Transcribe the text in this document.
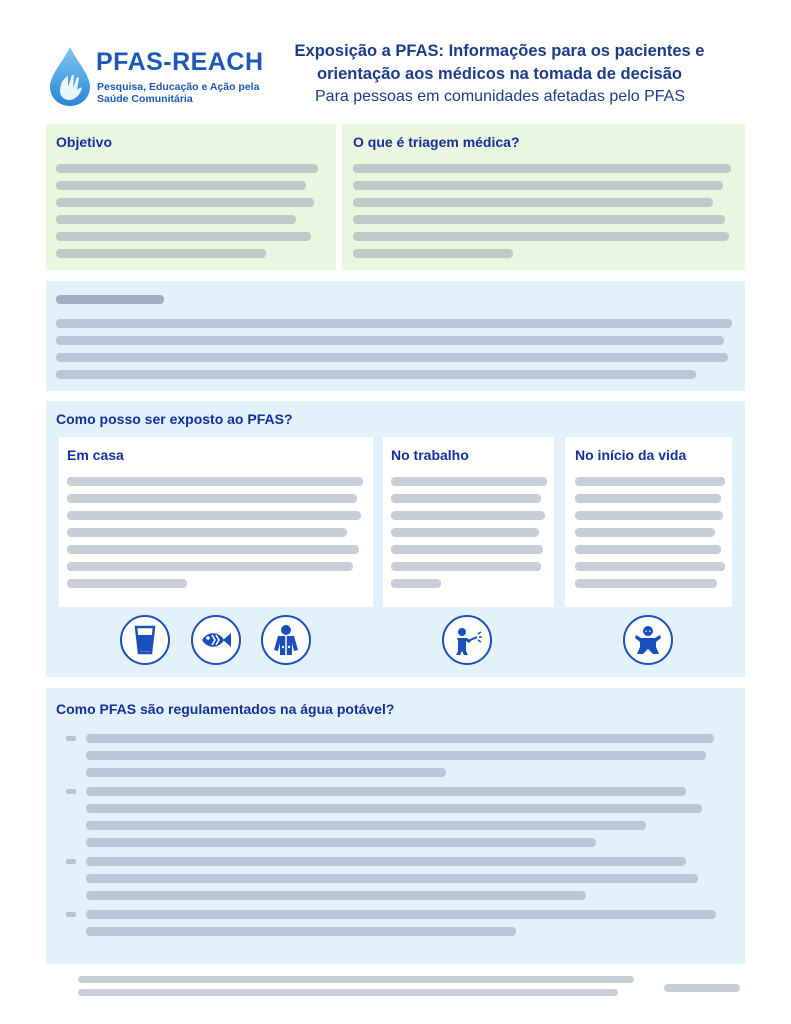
PFAS-REACH
Pesquisa, Educação e Ação pela
Saúde Comunitária
Exposição a PFAS: Informações para os pacientes e orientação aos médicos na tomada de decisão
Para pessoas em comunidades afetadas pelo PFAS
Objetivo	O que é triagem médica?
Como posso ser exposto ao PFAS?
Em casa	No trabalho	No início da vida
Como PFAS são regulamentados na água potável?
